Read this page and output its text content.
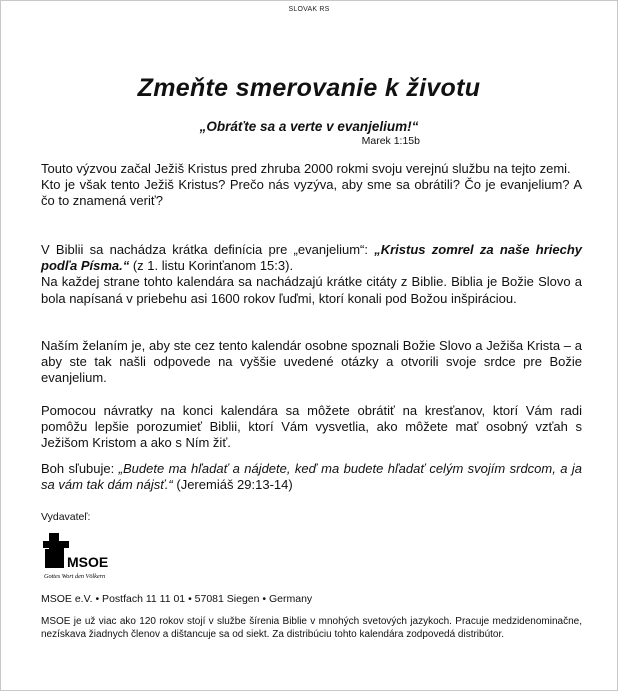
SLOVAK RS
Zmeňte smerovanie k životu
„Obráťte sa a verte v evanjelium!“
Marek 1:15b

Touto výzvou začal Ježiš Kristus pred zhruba 2000 rokmi svoju verejnú službu na tejto zemi.

Kto je však tento Ježiš Kristus? Prečo nás vyzýva, aby sme sa obrátili? Čo je evanjelium? A čo to znamená veriť?

V Biblii sa nachádza krátka definícia pre „evanjelium“: „Kristus zomrel za naše hriechy podľa Písma.“ (z 1. listu Korinťanom 15:3).

Na každej strane tohto kalendára sa nachádzajú krátke citáty z Biblie. Biblia je Božie Slovo a bola napísaná v priebehu asi 1600 rokov ľuďmi, ktorí konali pod Božou inšpiráciou.

Naším želaním je, aby ste cez tento kalendár osobne spoznali Božie Slovo a Ježiša Krista – a aby ste tak našli odpovede na vyššie uvedené otázky a otvorili svoje srdce pre Božie evanjelium.

Pomocou návratky na konci kalendára sa môžete obrátiť na kresťanov, ktorí Vám radi pomôžu lepšie porozumieť Biblii, ktorí Vám vysvetlia, ako môžete mať osobný vzťah s Ježišom Kristom a ako s Ním žiť.

Boh sľubuje: „Budete ma hľadať a nájdete, keď ma budete hľadať celým svojím srdcom, a ja sa vám tak dám nájsť.“ (Jeremiáš 29:13-14)

Vydavateľ:
MSOE
Gottes Wort den Völkern
MSOE e.V. • Postfach 11 11 01 • 57081 Siegen • Germany
MSOE je už viac ako 120 rokov stojí v službe šírenia Biblie v mnohých svetových jazykoch. Pracuje medzidenominačne, nezískava žiadnych členov a dištancuje sa od siekt. Za distribúciu tohto kalendára zodpovedá distribútor.
